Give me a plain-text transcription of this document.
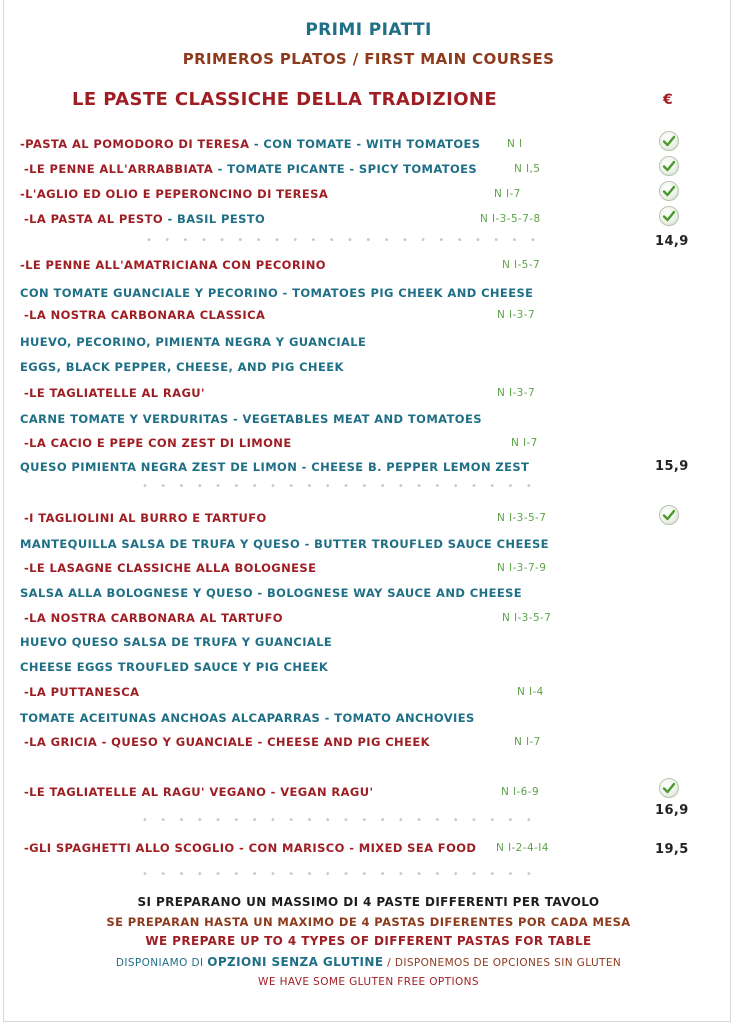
PRIMI PIATTI
PRIMEROS PLATOS / FIRST MAIN COURSES
LE PASTE CLASSICHE DELLA TRADIZIONE	€
-PASTA AL POMODORO DI TERESA - CON TOMATE - WITH TOMATOES	N I
-LE PENNE ALL'ARRABBIATA - TOMATE PICANTE - SPICY TOMATOES	N I,5
-L'AGLIO ED OLIO E PEPERONCINO DI TERESA	N I-7
-LA PASTA AL PESTO - BASIL PESTO	N I-3-5-7-8
• • • • • • • • • • • • • • • • • • • • • •	14,9
-LE PENNE ALL'AMATRICIANA CON PECORINO	N I-5-7
CON TOMATE GUANCIALE Y PECORINO - TOMATOES PIG CHEEK AND CHEESE
-LA NOSTRA CARBONARA CLASSICA	N I-3-7
HUEVO, PECORINO, PIMIENTA NEGRA Y GUANCIALE
EGGS, BLACK PEPPER, CHEESE, AND PIG CHEEK
-LE TAGLIATELLE AL RAGU'	N I-3-7
CARNE TOMATE Y VERDURITAS - VEGETABLES MEAT AND TOMATOES
-LA CACIO E PEPE CON ZEST DI LIMONE	N I-7
QUESO PIMIENTA NEGRA ZEST DE LIMON - CHEESE B. PEPPER LEMON ZEST	15,9
• • • • • • • • • • • • • • • • • • • • • •
-I TAGLIOLINI AL BURRO E TARTUFO	N I-3-5-7
MANTEQUILLA SALSA DE TRUFA Y QUESO - BUTTER TROUFLED SAUCE CHEESE
-LE LASAGNE CLASSICHE ALLA BOLOGNESE	N I-3-7-9
SALSA ALLA BOLOGNESE Y QUESO - BOLOGNESE WAY SAUCE AND CHEESE
-LA NOSTRA CARBONARA AL TARTUFO	N I-3-5-7
HUEVO QUESO SALSA DE TRUFA Y GUANCIALE
CHEESE EGGS TROUFLED SAUCE Y PIG CHEEK
-LA PUTTANESCA	N I-4
TOMATE ACEITUNAS ANCHOAS ALCAPARRAS - TOMATO ANCHOVIES
-LA GRICIA - QUESO Y GUANCIALE - CHEESE AND PIG CHEEK	N I-7
-LE TAGLIATELLE AL RAGU' VEGANO - VEGAN RAGU'	N I-6-9
16,9
• • • • • • • • • • • • • • • • • • • • • •
-GLI SPAGHETTI ALLO SCOGLIO - CON MARISCO - MIXED SEA FOOD N I-2-4-I4	19,5
• • • • • • • • • • • • • • • • • • • • • •
SI PREPARANO UN MASSIMO DI 4 PASTE DIFFERENTI PER TAVOLO
SE PREPARAN HASTA UN MAXIMO DE 4 PASTAS DIFERENTES POR CADA MESA
WE PREPARE UP TO 4 TYPES OF DIFFERENT PASTAS FOR TABLE
DISPONIAMO DI OPZIONI SENZA GLUTINE / DISPONEMOS DE OPCIONES SIN GLUTEN
WE HAVE SOME GLUTEN FREE OPTIONS
